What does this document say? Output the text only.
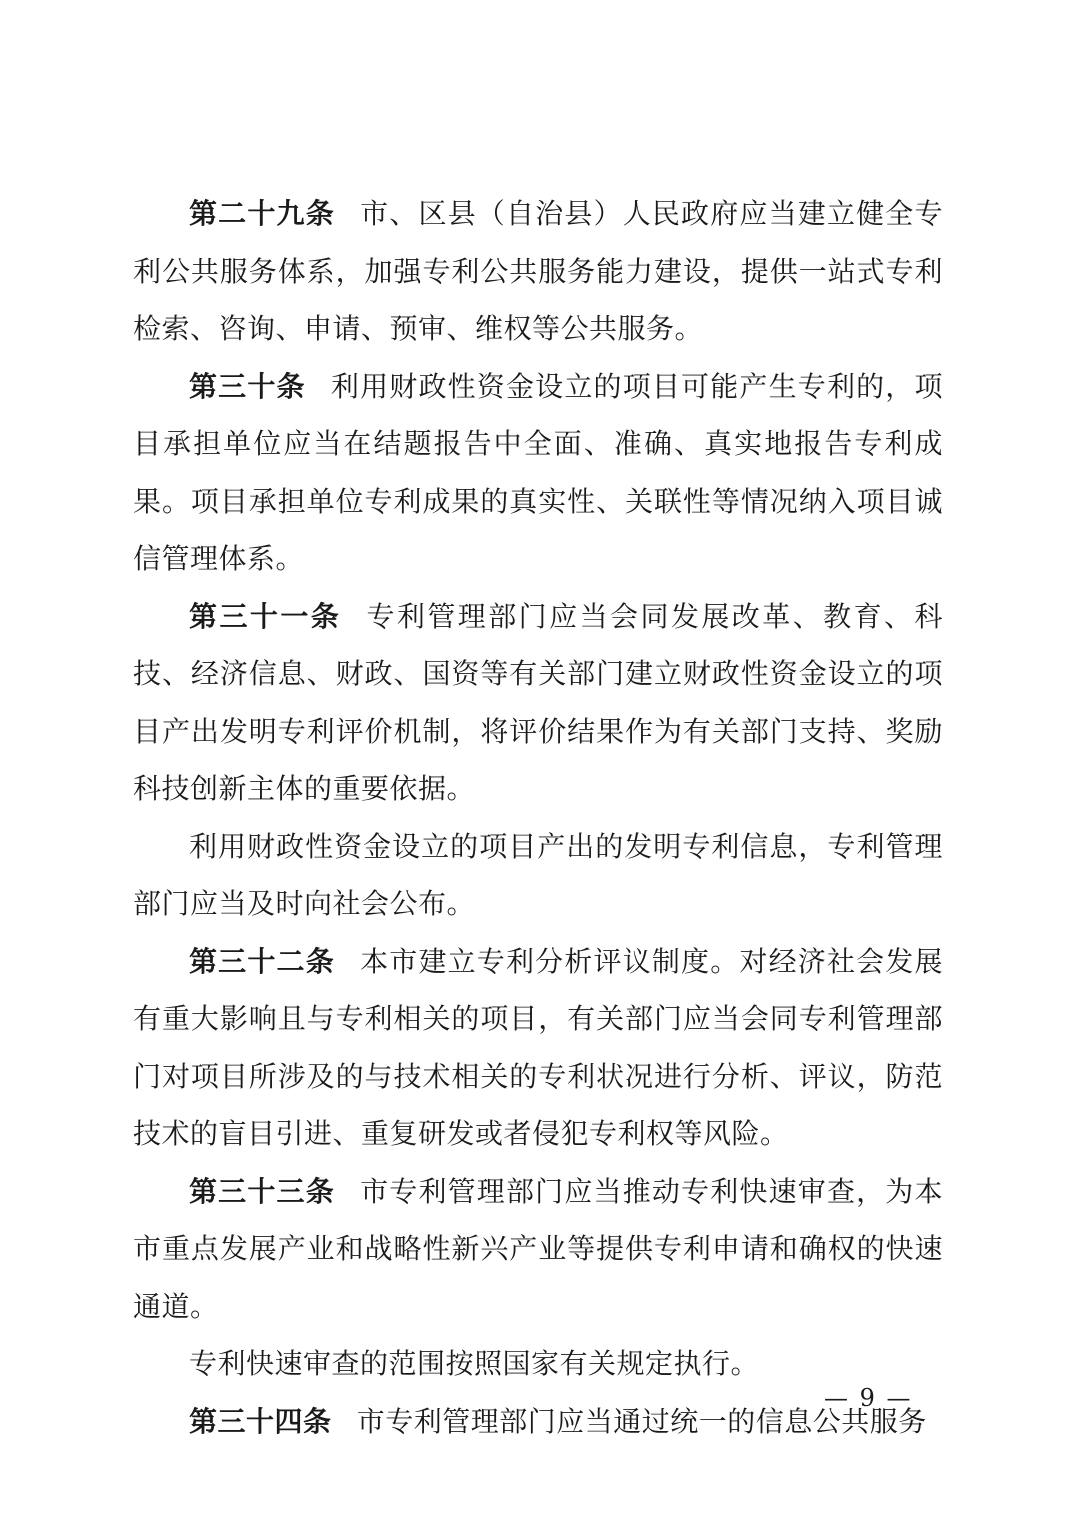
第二十九条 市、区县（自治县）人民政府应当建立健全专利公共服务体系，加强专利公共服务能力建设，提供一站式专利检索、咨询、申请、预审、维权等公共服务。

第三十条 利用财政性资金设立的项目可能产生专利的，项目承担单位应当在结题报告中全面、准确、真实地报告专利成果。项目承担单位专利成果的真实性、关联性等情况纳入项目诚信管理体系。

第三十一条 专利管理部门应当会同发展改革、教育、科技、经济信息、财政、国资等有关部门建立财政性资金设立的项目产出发明专利评价机制，将评价结果作为有关部门支持、奖励科技创新主体的重要依据。

利用财政性资金设立的项目产出的发明专利信息，专利管理部门应当及时向社会公布。

第三十二条 本市建立专利分析评议制度。对经济社会发展有重大影响且与专利相关的项目，有关部门应当会同专利管理部门对项目所涉及的与技术相关的专利状况进行分析、评议，防范技术的盲目引进、重复研发或者侵犯专利权等风险。

第三十三条 市专利管理部门应当推动专利快速审查，为本市重点发展产业和战略性新兴产业等提供专利申请和确权的快速通道。

专利快速审查的范围按照国家有关规定执行。

第三十四条 市专利管理部门应当通过统一的信息公共服务

— 9 —
